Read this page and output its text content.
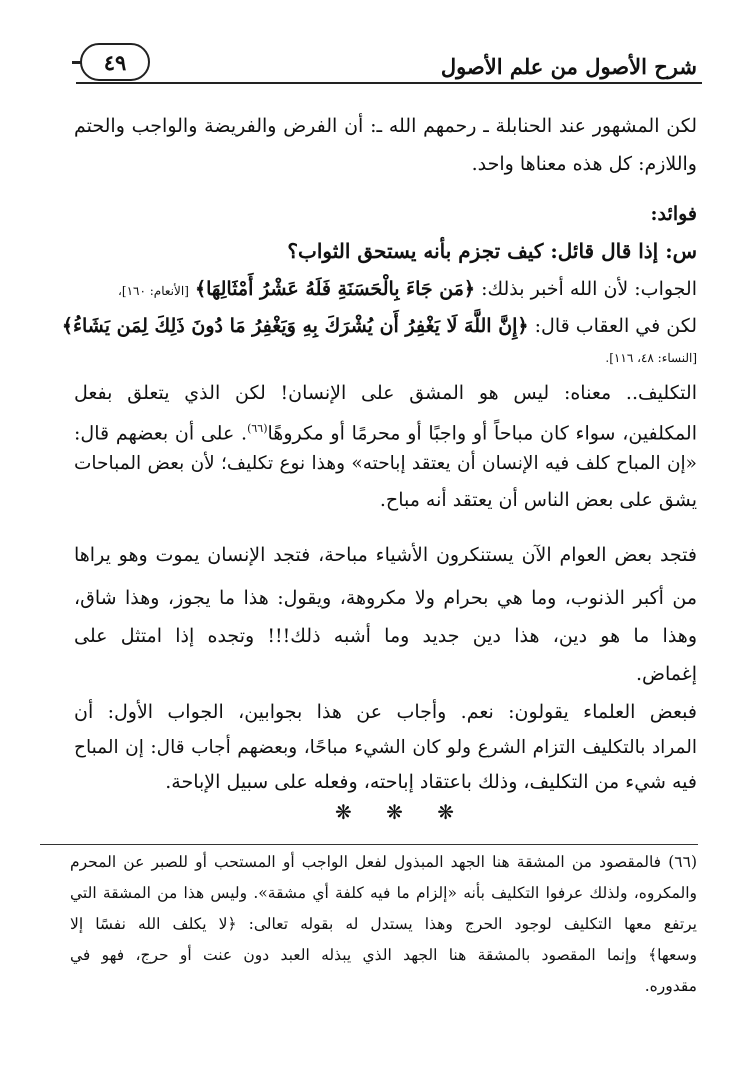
٤٩	شرح الأصول من علم الأصول
لكن المشهور عند الحنابلة ـ رحمهم الله ـ: أن الفرض والفريضة والواجب والحتم
واللازم: كل هذه معناها واحد.
فوائد:
س: إذا قال قائل: كيف تجزم بأنه يستحق الثواب؟
الجواب: لأن الله أخبر بذلك: ﴿مَن جَاءَ بِالْحَسَنَةِ فَلَهُ عَشْرُ أَمْثَالِهَا﴾ [الأنعام: ١٦٠]،
لكن في العقاب قال: ﴿إِنَّ اللَّهَ لَا يَغْفِرُ أَن يُشْرَكَ بِهِ وَيَغْفِرُ مَا دُونَ ذَلِكَ لِمَن يَشَاءُ﴾
[النساء: ٤٨، ١١٦].
التكليف.. معناه: ليس هو المشق على الإنسان! لكن الذي يتعلق بفعل
المكلفين، سواء كان مباحاً أو واجبًا أو محرمًا أو مكروهًا$^{(٦٦)}$. على أن بعضهم قال:
«إن المباح كلف فيه الإنسان أن يعتقد إباحته» وهذا نوع تكليف؛ لأن بعض المباحات
يشق على بعض الناس أن يعتقد أنه مباح.
فتجد بعض العوام الآن يستنكرون الأشياء مباحة، فتجد الإنسان يموت وهو يراها
من أكبر الذنوب، وما هي بحرام ولا مكروهة، ويقول: هذا ما يجوز، وهذا شاق،
وهذا ما هو دين، هذا دين جديد وما أشبه ذلك!!! وتجده إذا امتثل على
إغماض.
فبعض العلماء يقولون: نعم. وأجاب عن هذا بجوابين، الجواب الأول: أن
المراد بالتكليف التزام الشرع ولو كان الشيء مباحًا، وبعضهم أجاب قال: إن المباح
فيه شيء من التكليف، وذلك باعتقاد إباحته، وفعله على سبيل الإباحة.
❋ ❋ ❋
(٦٦) فالمقصود من المشقة هنا الجهد المبذول لفعل الواجب أو المستحب أو للصبر عن المحرم
والمكروه، ولذلك عرفوا التكليف بأنه «إلزام ما فيه كلفة أي مشقة». وليس هذا من المشقة التي
يرتفع معها التكليف لوجود الحرج وهذا يستدل له بقوله تعالى: ﴿لا يكلف الله نفسًا إلا
وسعها﴾ وإنما المقصود بالمشقة هنا الجهد الذي يبذله العبد دون عنت أو حرج، فهو في
مقدوره.
